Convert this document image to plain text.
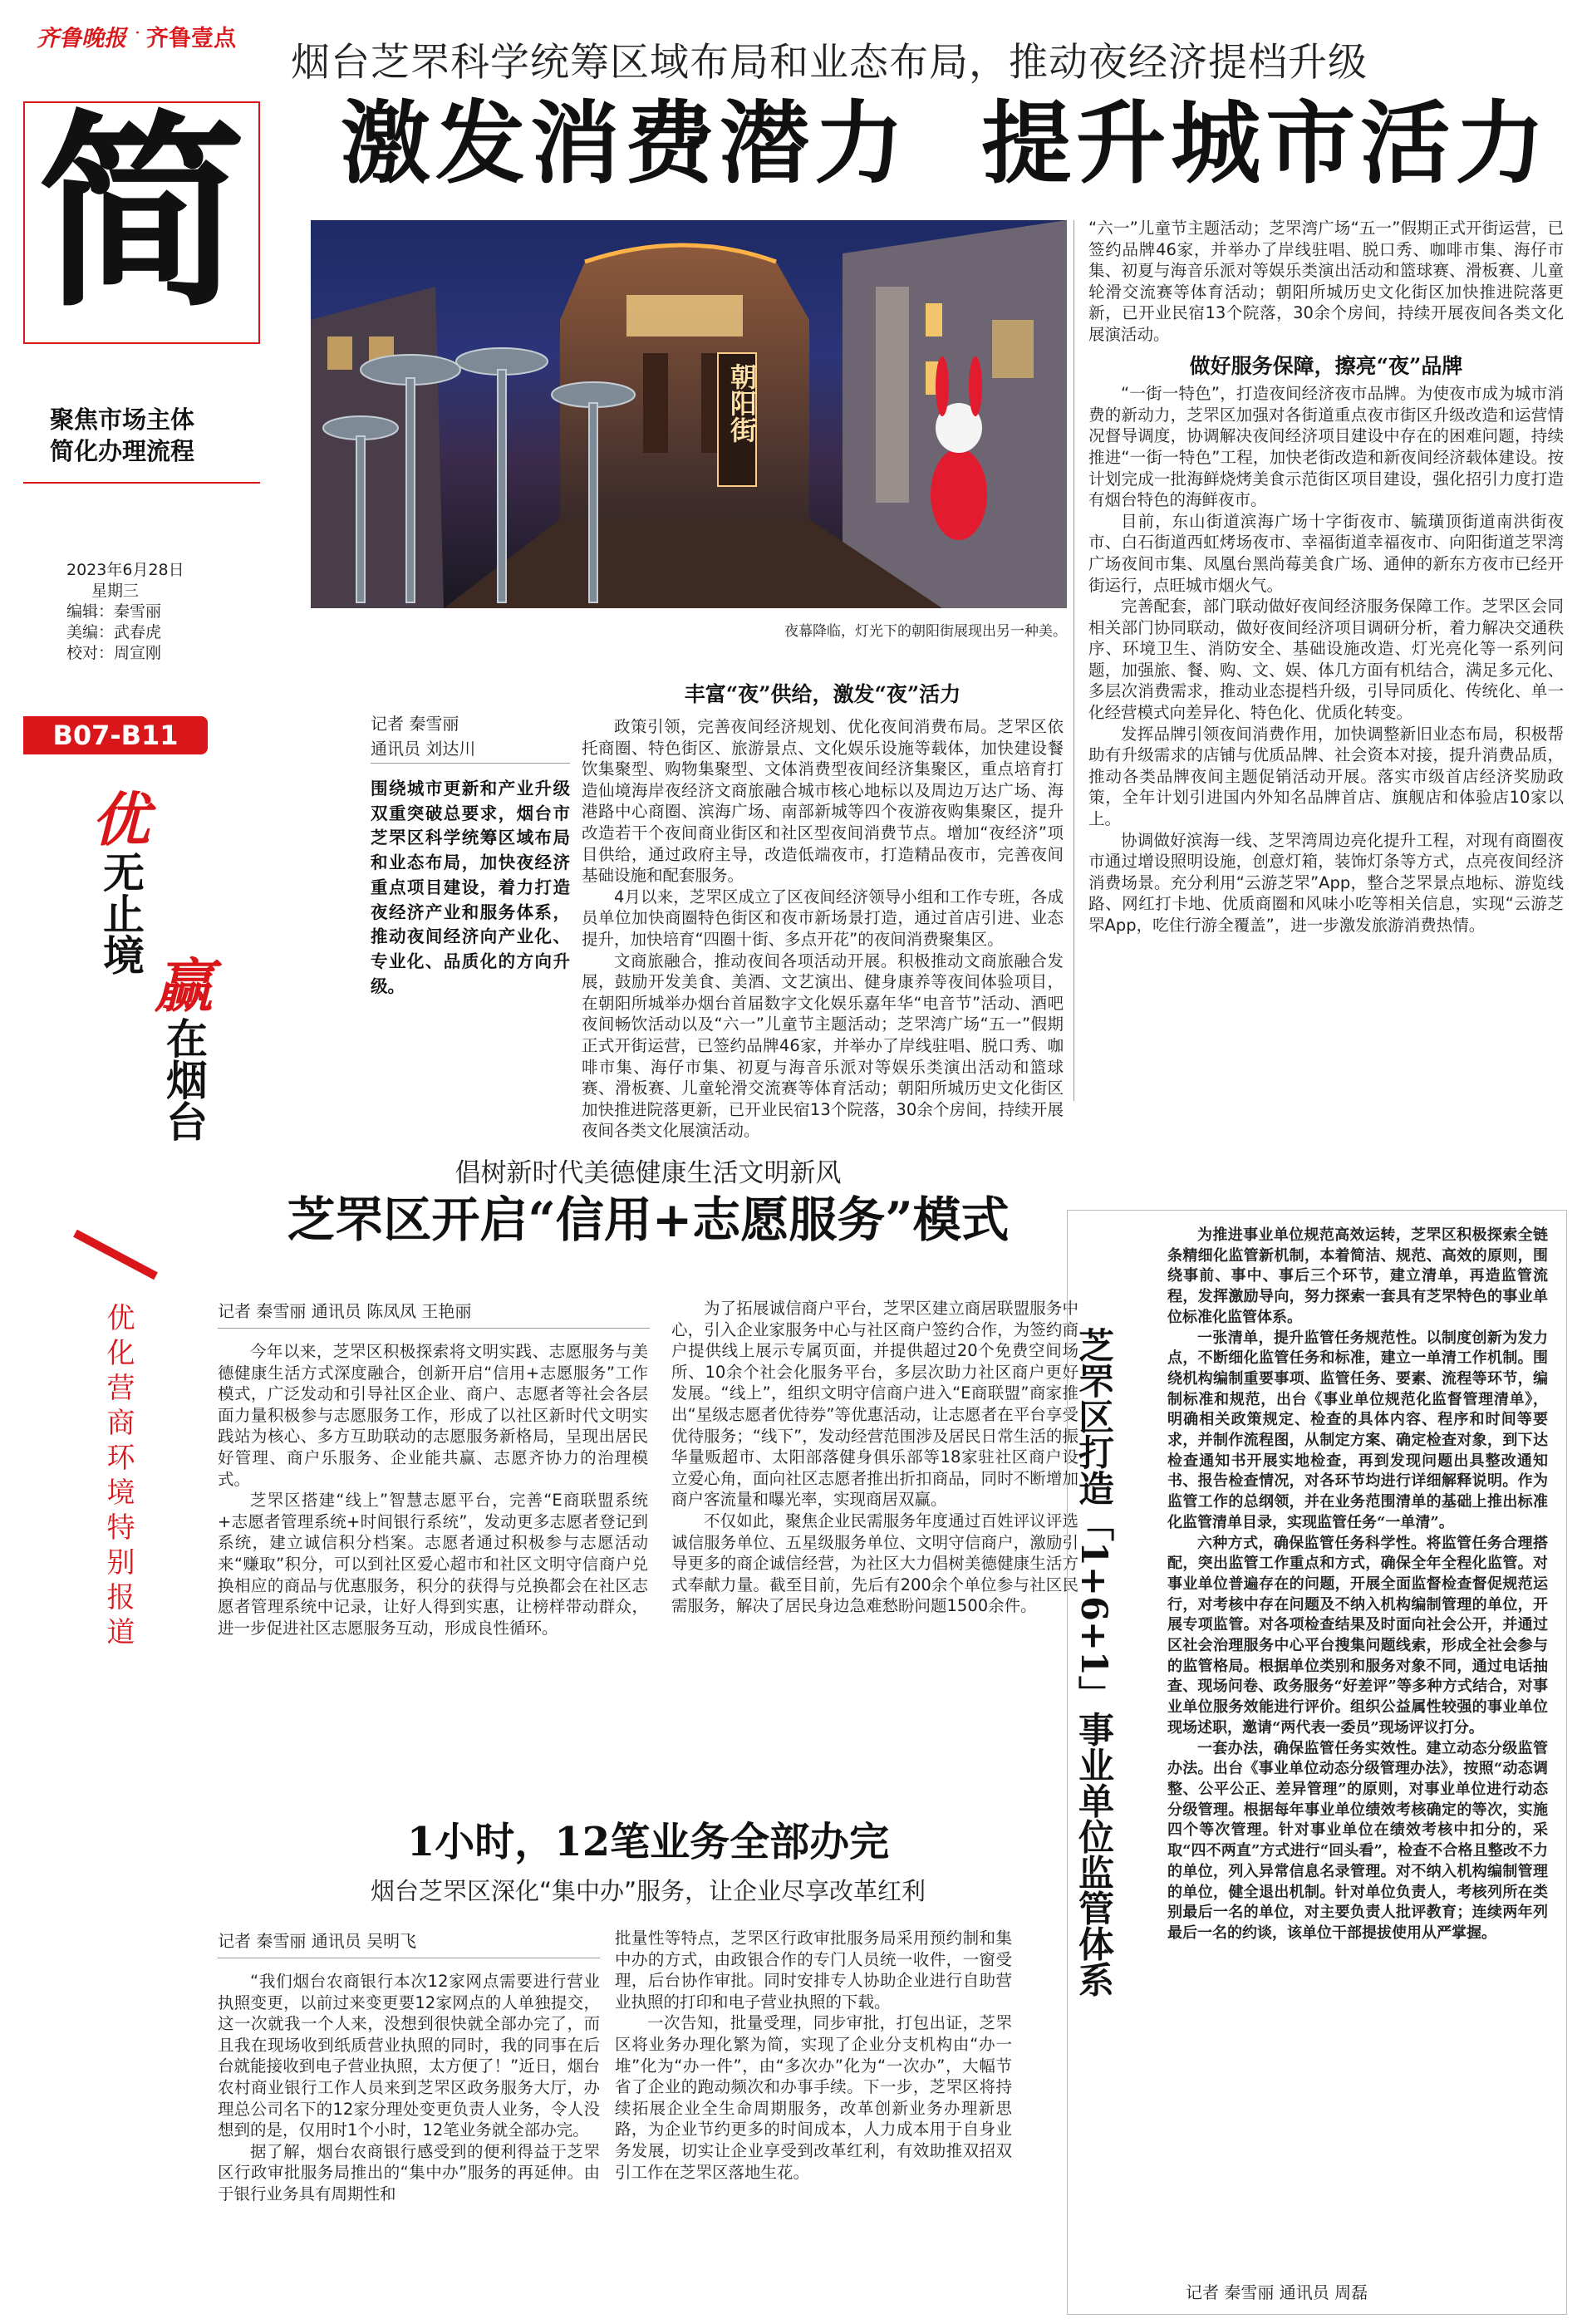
齐鲁晚报 · 齐鲁壹点
烟台芝罘科学统筹区域布局和业态布局，推动夜经济提档升级
激发消费潜力  提升城市活力
简
聚焦市场主体
简化办理流程
2023年6月28日
星期三
编辑：秦雪丽
美编：武春虎
校对：周宣刚
B07-B11
优
无止境
赢
在烟台
优化营商环境特别报道
朝阳街
夜幕降临，灯光下的朝阳街展现出另一种美。
记者 秦雪丽
通讯员 刘达川
围绕城市更新和产业升级双重突破总要求，烟台市芝罘区科学统筹区域布局和业态布局，加快夜经济重点项目建设，着力打造夜经济产业和服务体系，推动夜间经济向产业化、专业化、品质化的方向升级。
丰富“夜”供给，激发“夜”活力

政策引领，完善夜间经济规划、优化夜间消费布局。芝罘区依托商圈、特色街区、旅游景点、文化娱乐设施等载体，加快建设餐饮集聚型、购物集聚型、文体消费型夜间经济集聚区，重点培育打造仙境海岸夜经济文商旅融合城市核心地标以及周边万达广场、海港路中心商圈、滨海广场、南部新城等四个夜游夜购集聚区，提升改造若干个夜间商业街区和社区型夜间消费节点。增加“夜经济”项目供给，通过政府主导，改造低端夜市，打造精品夜市，完善夜间基础设施和配套服务。

4月以来，芝罘区成立了区夜间经济领导小组和工作专班，各成员单位加快商圈特色街区和夜市新场景打造，通过首店引进、业态提升，加快培育“四圈十街、多点开花”的夜间消费聚集区。

文商旅融合，推动夜间各项活动开展。积极推动文商旅融合发展，鼓励开发美食、美酒、文艺演出、健身康养等夜间体验项目，在朝阳所城举办烟台首届数字文化娱乐嘉年华“电音节”活动、酒吧夜间畅饮活动以及“六一”儿童节主题活动；芝罘湾广场“五一”假期正式开街运营，已签约品牌46家，并举办了岸线驻唱、脱口秀、咖啡市集、海仔市集、初夏与海音乐派对等娱乐类演出活动和篮球赛、滑板赛、儿童轮滑交流赛等体育活动；朝阳所城历史文化街区加快推进院落更新，已开业民宿13个院落，30余个房间，持续开展夜间各类文化展演活动。

“六一”儿童节主题活动；芝罘湾广场“五一”假期正式开街运营，已签约品牌46家，并举办了岸线驻唱、脱口秀、咖啡市集、海仔市集、初夏与海音乐派对等娱乐类演出活动和篮球赛、滑板赛、儿童轮滑交流赛等体育活动；朝阳所城历史文化街区加快推进院落更新，已开业民宿13个院落，30余个房间，持续开展夜间各类文化展演活动。

做好服务保障，擦亮“夜”品牌

“一街一特色”，打造夜间经济夜市品牌。为使夜市成为城市消费的新动力，芝罘区加强对各街道重点夜市街区升级改造和运营情况督导调度，协调解决夜间经济项目建设中存在的困难问题，持续推进“一街一特色”工程，加快老街改造和新夜间经济载体建设。按计划完成一批海鲜烧烤美食示范街区项目建设，强化招引力度打造有烟台特色的海鲜夜市。

目前，东山街道滨海广场十字街夜市、毓璜顶街道南洪街夜市、白石街道西虹烤场夜市、幸福街道幸福夜市、向阳街道芝罘湾广场夜间市集、凤凰台黑尚莓美食广场、通伸的新东方夜市已经开街运行，点旺城市烟火气。

完善配套，部门联动做好夜间经济服务保障工作。芝罘区会同相关部门协同联动，做好夜间经济项目调研分析，着力解决交通秩序、环境卫生、消防安全、基础设施改造、灯光亮化等一系列问题，加强旅、餐、购、文、娱、体几方面有机结合，满足多元化、多层次消费需求，推动业态提档升级，引导同质化、传统化、单一化经营模式向差异化、特色化、优质化转变。

发挥品牌引领夜间消费作用，加快调整新旧业态布局，积极帮助有升级需求的店铺与优质品牌、社会资本对接，提升消费品质，推动各类品牌夜间主题促销活动开展。落实市级首店经济奖励政策，全年计划引进国内外知名品牌首店、旗舰店和体验店10家以上。

协调做好滨海一线、芝罘湾周边亮化提升工程，对现有商圈夜市通过增设照明设施，创意灯箱，装饰灯条等方式，点亮夜间经济消费场景。充分利用“云游芝罘”App，整合芝罘景点地标、游览线路、网红打卡地、优质商圈和风味小吃等相关信息，实现“云游芝罘App，吃住行游全覆盖”，进一步激发旅游消费热情。

倡树新时代美德健康生活文明新风
芝罘区开启“信用+志愿服务”模式
记者 秦雪丽 通讯员 陈凤凤 王艳丽

今年以来，芝罘区积极探索将文明实践、志愿服务与美德健康生活方式深度融合，创新开启“信用+志愿服务”工作模式，广泛发动和引导社区企业、商户、志愿者等社会各层面力量积极参与志愿服务工作，形成了以社区新时代文明实践站为核心、多方互助联动的志愿服务新格局，呈现出居民好管理、商户乐服务、企业能共赢、志愿齐协力的治理模式。

芝罘区搭建“线上”智慧志愿平台，完善“E商联盟系统+志愿者管理系统+时间银行系统”，发动更多志愿者登记到系统，建立诚信积分档案。志愿者通过积极参与志愿活动来“赚取”积分，可以到社区爱心超市和社区文明守信商户兑换相应的商品与优惠服务，积分的获得与兑换都会在社区志愿者管理系统中记录，让好人得到实惠，让榜样带动群众，进一步促进社区志愿服务互动，形成良性循环。

为了拓展诚信商户平台，芝罘区建立商居联盟服务中心，引入企业家服务中心与社区商户签约合作，为签约商户提供线上展示专属页面，并提供超过20个免费空间场所、10余个社会化服务平台，多层次助力社区商户更好发展。“线上”，组织文明守信商户进入“E商联盟”商家推出“星级志愿者优待券”等优惠活动，让志愿者在平台享受优待服务；“线下”，发动经营范围涉及居民日常生活的振华量贩超市、太阳部落健身俱乐部等18家驻社区商户设立爱心角，面向社区志愿者推出折扣商品，同时不断增加商户客流量和曝光率，实现商居双赢。

不仅如此，聚焦企业民需服务年度通过百姓评议评选诚信服务单位、五星级服务单位、文明守信商户，激励引导更多的商企诚信经营，为社区大力倡树美德健康生活方式奉献力量。截至目前，先后有200余个单位参与社区民需服务，解决了居民身边急难愁盼问题1500余件。

1小时，12笔业务全部办完
烟台芝罘区深化“集中办”服务，让企业尽享改革红利
记者 秦雪丽 通讯员 吴明飞

“我们烟台农商银行本次12家网点需要进行营业执照变更，以前过来变更要12家网点的人单独提交，这一次就我一个人来，没想到很快就全部办完了，而且我在现场收到纸质营业执照的同时，我的同事在后台就能接收到电子营业执照，太方便了！”近日，烟台农村商业银行工作人员来到芝罘区政务服务大厅，办理总公司名下的12家分理处变更负责人业务，令人没想到的是，仅用时1个小时，12笔业务就全部办完。

据了解，烟台农商银行感受到的便利得益于芝罘区行政审批服务局推出的“集中办”服务的再延伸。由于银行业务具有周期性和

批量性等特点，芝罘区行政审批服务局采用预约制和集中办的方式，由政银合作的专门人员统一收件，一窗受理，后台协作审批。同时安排专人协助企业进行自助营业执照的打印和电子营业执照的下载。

一次告知，批量受理，同步审批，打包出证，芝罘区将业务办理化繁为简，实现了企业分支机构由“办一堆”化为“办一件”，由“多次办”化为“一次办”，大幅节省了企业的跑动频次和办事手续。下一步，芝罘区将持续拓展企业全生命周期服务，改革创新业务办理新思路，为企业节约更多的时间成本，人力成本用于自身业务发展，切实让企业享受到改革红利，有效助推双招双引工作在芝罘区落地生花。

芝罘区打造「1+6+1」事业单位监管体系

为推进事业单位规范高效运转，芝罘区积极探索全链条精细化监管新机制，本着简洁、规范、高效的原则，围绕事前、事中、事后三个环节，建立清单，再造监管流程，发挥激励导向，努力探索一套具有芝罘特色的事业单位标准化监管体系。

一张清单，提升监管任务规范性。以制度创新为发力点，不断细化监管任务和标准，建立一单清工作机制。围绕机构编制重要事项、监管任务、要素、流程等环节，编制标准和规范，出台《事业单位规范化监督管理清单》，明确相关政策规定、检查的具体内容、程序和时间等要求，并制作流程图，从制定方案、确定检查对象，到下达检查通知书开展实地检查，再到发现问题出具整改通知书、报告检查情况，对各环节均进行详细解释说明。作为监管工作的总纲领，并在业务范围清单的基础上推出标准化监管清单目录，实现监管任务“一单清”。

六种方式，确保监管任务科学性。将监管任务合理搭配，突出监管工作重点和方式，确保全年全程化监管。对事业单位普遍存在的问题，开展全面监督检查督促规范运行，对考核中存在问题及不纳入机构编制管理的单位，开展专项监管。对各项检查结果及时面向社会公开，并通过区社会治理服务中心平台搜集问题线索，形成全社会参与的监管格局。根据单位类别和服务对象不同，通过电话抽查、现场问卷、政务服务“好差评”等多种方式结合，对事业单位服务效能进行评价。组织公益属性较强的事业单位现场述职，邀请“两代表一委员”现场评议打分。

一套办法，确保监管任务实效性。建立动态分级监管办法。出台《事业单位动态分级管理办法》，按照“动态调整、公平公正、差异管理”的原则，对事业单位进行动态分级管理。根据每年事业单位绩效考核确定的等次，实施四个等次管理。针对事业单位在绩效考核中扣分的，采取“四不两直”方式进行“回头看”，检查不合格且整改不力的单位，列入异常信息名录管理。对不纳入机构编制管理的单位，健全退出机制。针对单位负责人，考核列所在类别最后一名的单位，对主要负责人批评教育；连续两年列最后一名的约谈，该单位干部提拔使用从严掌握。

记者 秦雪丽 通讯员 周磊
